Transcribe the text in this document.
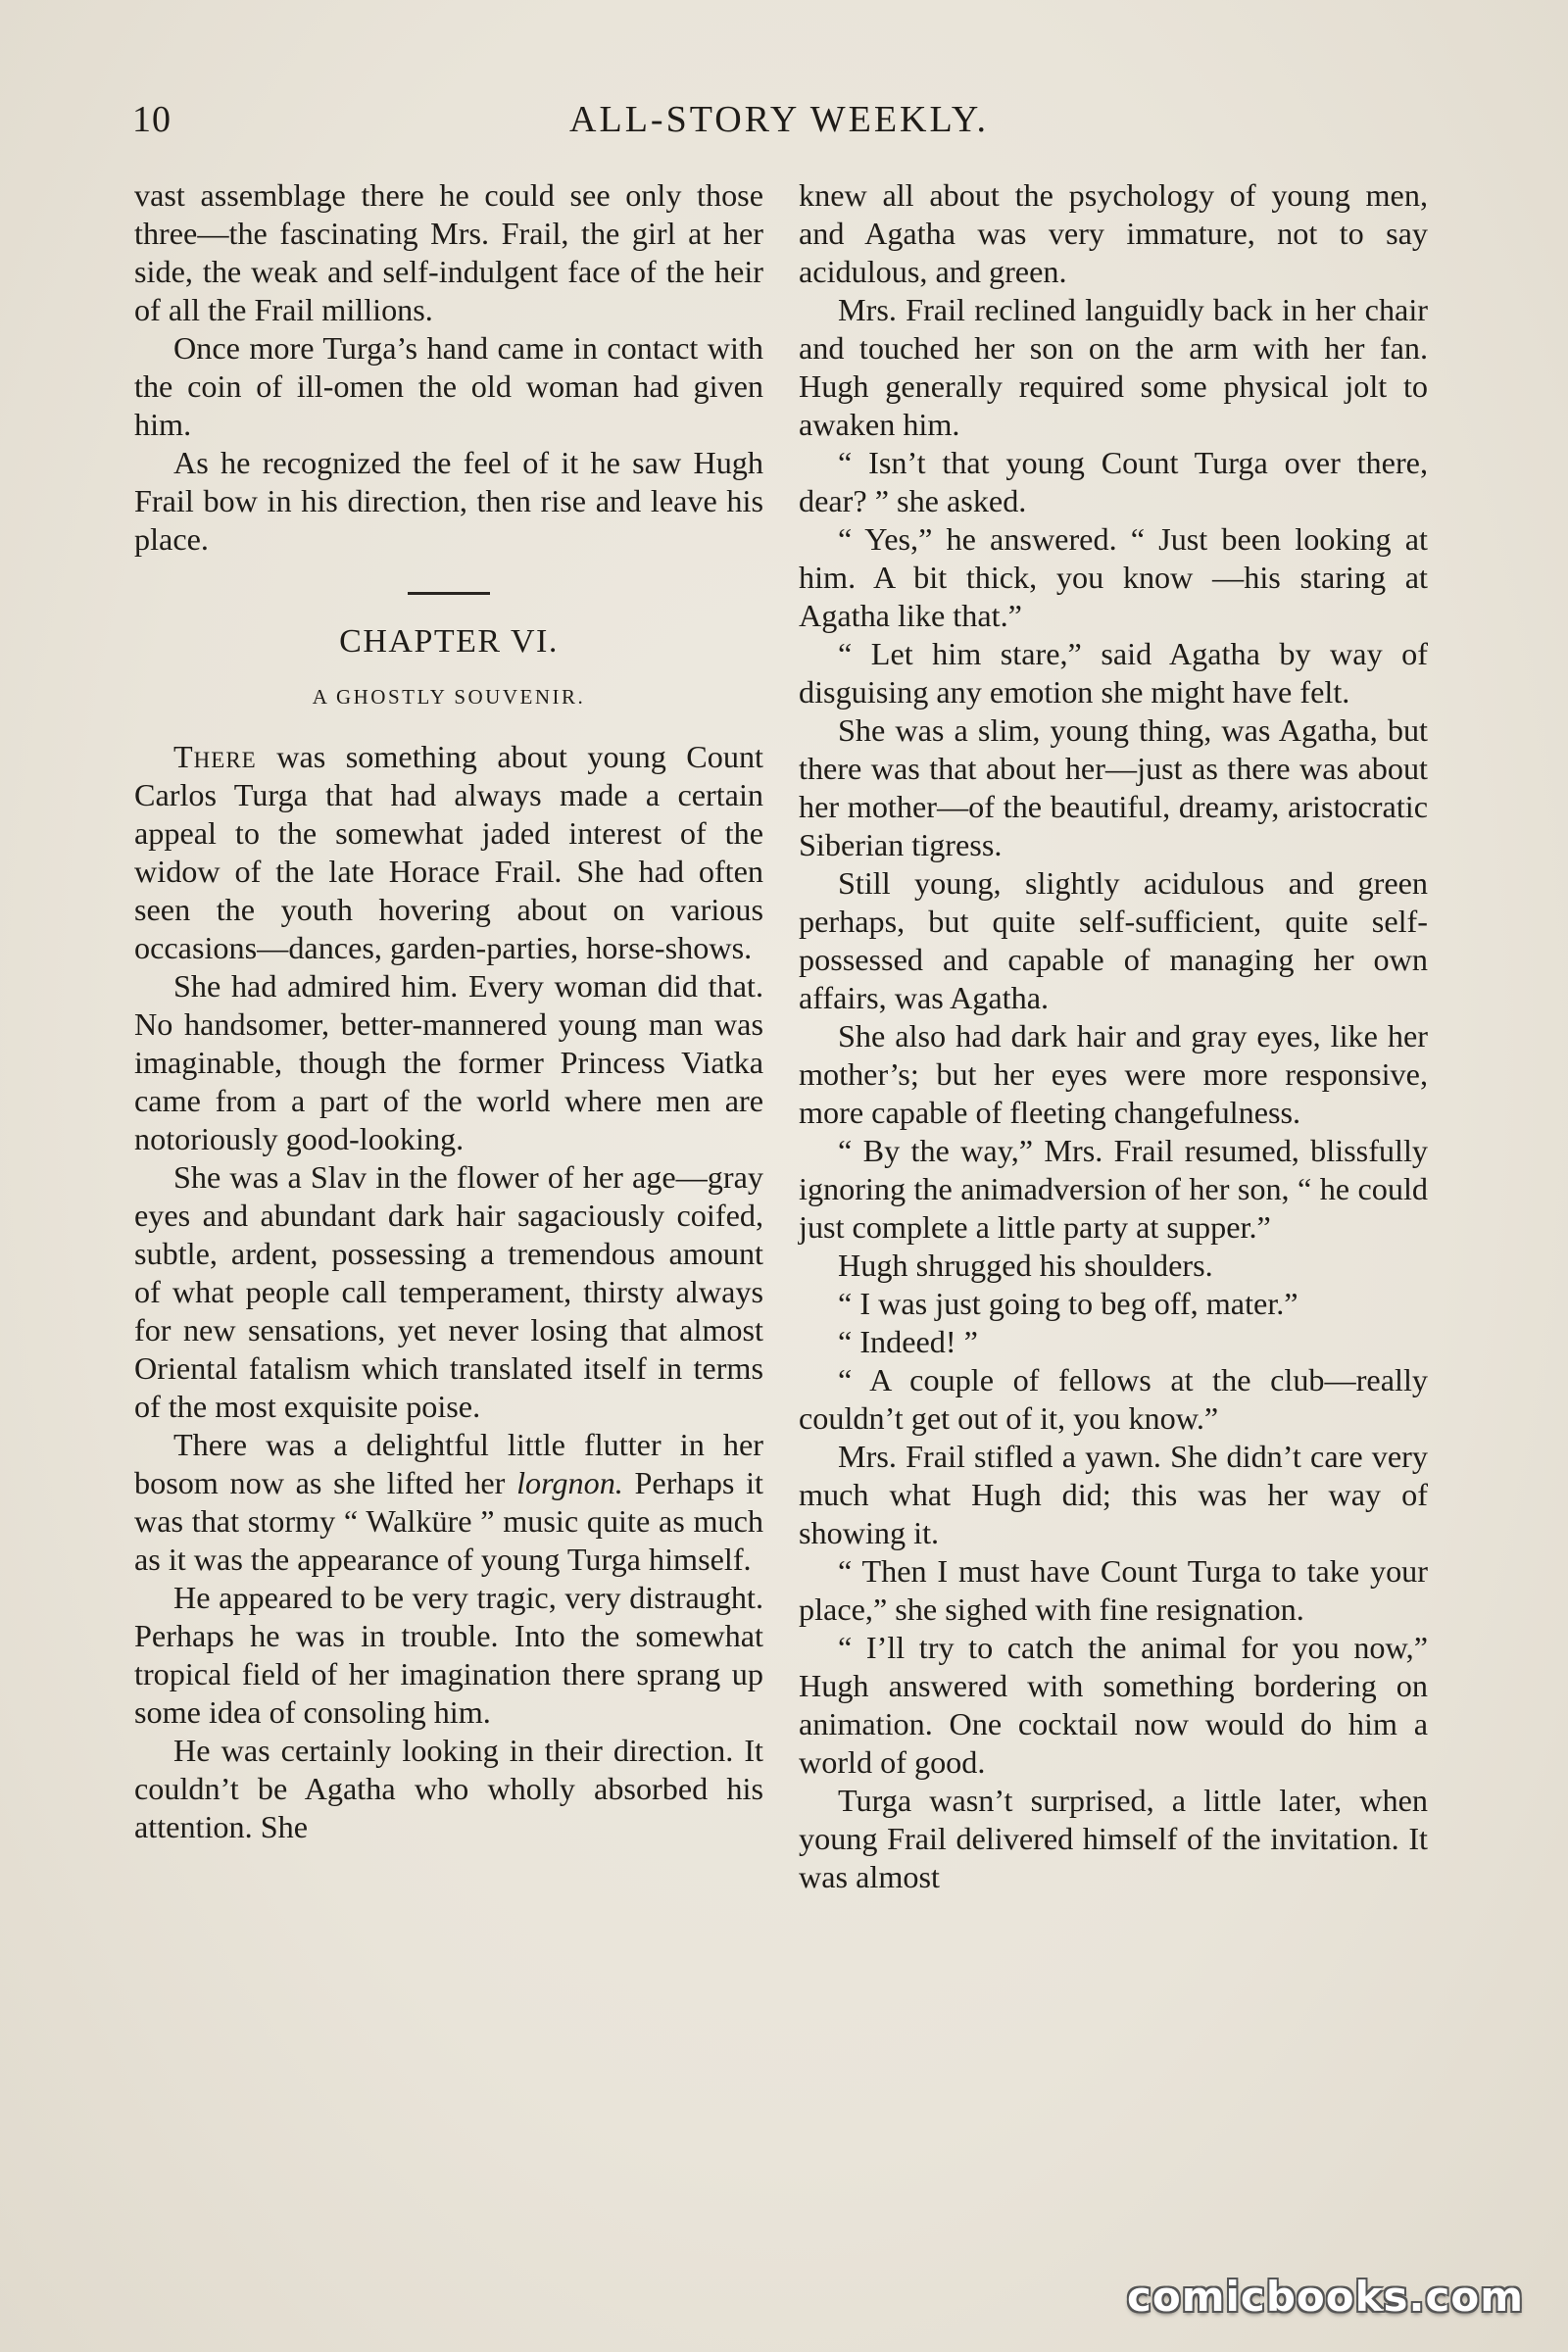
10	ALL-STORY WEEKLY.

vast assemblage there he could see only those three—the fascinating Mrs. Frail, the girl at her side, the weak and self-indulgent face of the heir of all the Frail millions.

Once more Turga’s hand came in contact with the coin of ill-omen the old woman had given him.

As he recognized the feel of it he saw Hugh Frail bow in his direction, then rise and leave his place.

CHAPTER VI.
A GHOSTLY SOUVENIR.

There was something about young Count Carlos Turga that had always made a certain appeal to the somewhat jaded interest of the widow of the late Horace Frail. She had often seen the youth hovering about on various occasions—dances, garden-parties, horse-shows.

She had admired him. Every woman did that. No handsomer, better-mannered young man was imaginable, though the former Princess Viatka came from a part of the world where men are notoriously good-looking.

She was a Slav in the flower of her age—gray eyes and abundant dark hair sagaciously coifed, subtle, ardent, possessing a tremendous amount of what people call temperament, thirsty always for new sensations, yet never losing that almost Oriental fatalism which translated itself in terms of the most exquisite poise.

There was a delightful little flutter in her bosom now as she lifted her lorgnon. Perhaps it was that stormy “ Walküre ” music quite as much as it was the appearance of young Turga himself.

He appeared to be very tragic, very distraught. Perhaps he was in trouble. Into the somewhat tropical field of her imagination there sprang up some idea of consoling him.

He was certainly looking in their direction. It couldn’t be Agatha who wholly absorbed his attention. She

knew all about the psychology of young men, and Agatha was very immature, not to say acidulous, and green.

Mrs. Frail reclined languidly back in her chair and touched her son on the arm with her fan. Hugh generally required some physical jolt to awaken him.

“ Isn’t that young Count Turga over there, dear? ” she asked.

“ Yes,” he answered. “ Just been looking at him. A bit thick, you know —his staring at Agatha like that.”

“ Let him stare,” said Agatha by way of disguising any emotion she might have felt.

She was a slim, young thing, was Agatha, but there was that about her—just as there was about her mother—of the beautiful, dreamy, aristocratic Siberian tigress.

Still young, slightly acidulous and green perhaps, but quite self-sufficient, quite self-possessed and capable of managing her own affairs, was Agatha.

She also had dark hair and gray eyes, like her mother’s; but her eyes were more responsive, more capable of fleeting changefulness.

“ By the way,” Mrs. Frail resumed, blissfully ignoring the animadversion of her son, “ he could just complete a little party at supper.”

Hugh shrugged his shoulders.

“ I was just going to beg off, mater.”

“ Indeed! ”

“ A couple of fellows at the club—really couldn’t get out of it, you know.”

Mrs. Frail stifled a yawn. She didn’t care very much what Hugh did; this was her way of showing it.

“ Then I must have Count Turga to take your place,” she sighed with fine resignation.

“ I’ll try to catch the animal for you now,” Hugh answered with something bordering on animation. One cocktail now would do him a world of good.

Turga wasn’t surprised, a little later, when young Frail delivered himself of the invitation. It was almost

comicbooks.com
